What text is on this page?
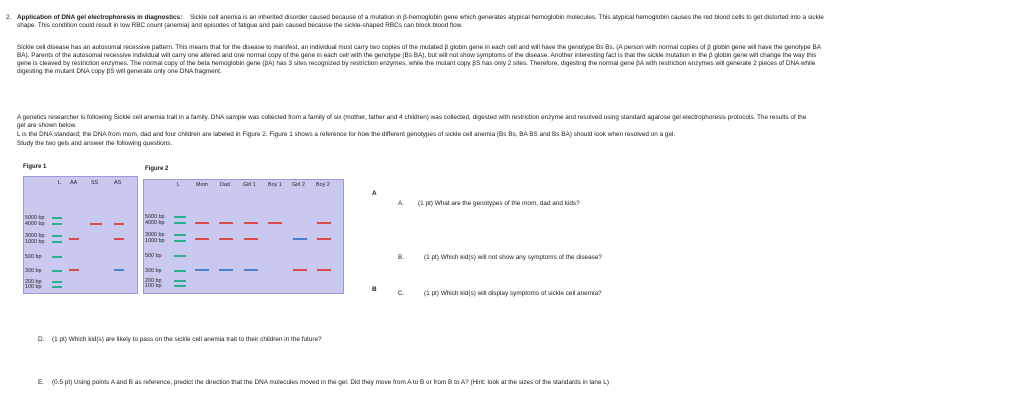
2. Application of DNA gel electrophoresis in diagnostics: Sickle cell anemia is an inherited disorder caused because of a mutation in β-hemoglobin gene which generates atypical hemoglobin molecules. This atypical hemoglobin causes the red blood cells to get distorted into a sickle
shape. This condition could result in low RBC count (anemia) and episodes of fatigue and pain caused because the sickle-shaped RBCs can block blood flow.
Sickle cell disease has an autosomal recessive pattern. This means that for the disease to manifest, an individual must carry two copies of the mutated β globin gene in each cell and will have the genotype Bs Bs. (A person with normal copies of β globin gene will have the genotype BA
BA). Parents of the autosomal recessive individual will carry one altered and one normal copy of the gene in each cell with the genotype (Bs BA), but will not show symptoms of the disease. Another interesting fact is that the sickle mutation in the β globin gene will change the way this
gene is cleaved by restriction enzymes. The normal copy of the beta hemoglobin gene (βA) has 3 sites recognized by restriction enzymes, while the mutant copy βS has only 2 sites. Therefore, digesting the normal gene βA with restriction enzymes will generate 2 pieces of DNA while
digesting the mutant DNA copy βS will generate only one DNA fragment.
A genetics researcher is following Sickle cell anemia trait in a family. DNA sample was collected from a family of six (mother, father and 4 children) was collected, digested with restriction enzyme and resolved using standard agarose gel electrophoresis protocols. The results of the
gel are shown below.
L is the DNA standard; the DNA from mom, dad and four children are labeled in Figure 2. Figure 1 shows a reference for how the different genotypes of sickle cell anemia (Bs Bs, BA BS and Bs BA) should look when resolved on a gel.
Study the two gels and answer the following questions.
Figure 1
L AA	SS	AS
5000 bp
4000 bp
3000 bp
1000 bp
500 bp
300 bp
200 bp
100 bp
Figure 2
L	Mom Dad Girl 1 Boy 1 Girl 2 Boy 2
5000 bp
4000 bp
3000 bp
1000 bp
500 bp
300 bp
200 bp
100 bp
A
B
A. (1 pt) What are the genotypes of the mom, dad and kids?
B.	(1 pt) Which kid(s) will not show any symptoms of the disease?
C.	(1 pt) Which kid(s) will display symptoms of sickle cell anemia?
D. (1 pt) Which kid(s) are likely to pass on the sickle cell anemia trait to their children in the future?
E. (0.5 pt) Using points A and B as reference, predict the direction that the DNA molecules moved in the gel. Did they move from A to B or from B to A? (Hint: look at the sizes of the standards in lane L)
